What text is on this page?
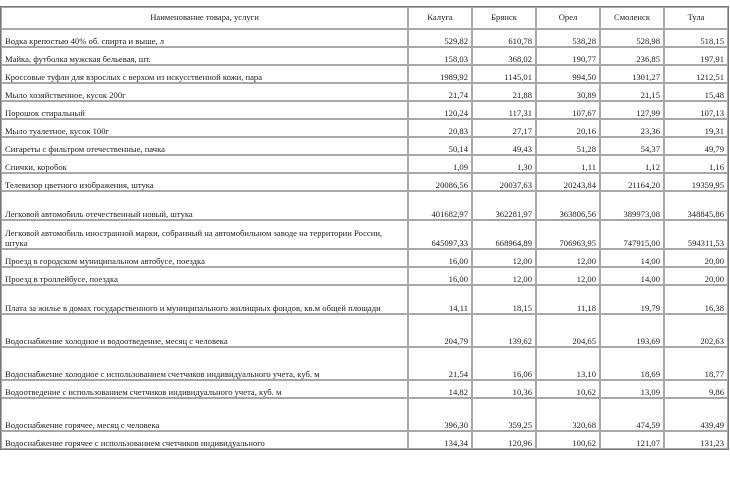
Наименование товара, услуги	Калуга	Брянск	Орел	Смоленск	Тула
Водка крепостью 40% об. спирта и выше, л	529,82	610,78	538,28	528,98	518,15
Майка, футболка мужская бельевая, шт.	158,03	368,02	190,77	236,85	197,91
Кроссовые туфли для взрослых с верхом из искусственной кожи, пара	1989,92	1145,01	994,50	1301,27	1212,51
Мыло хозяйственное, кусок 200г	21,74	21,88	30,89	21,15	15,48
Порошок стиральный	120,24	117,31	107,67	127,99	107,13
Мыло туалетное, кусок 100г	20,83	27,17	20,16	23,36	19,31
Сигареты с фильтром отечественные, пачка	50,14	49,43	51,28	54,37	49,79
Спички, коробок	1,09	1,30	1,11	1,12	1,16
Телевизор цветного изображения, штука	20086,56	20037,63	20243,84	21164,20	19359,95
Легковой автомобиль отечественный новый, штука	401682,97	362281,97	363806,56	389973,08	348845,86
Легковой автомобиль иностранной марки, собранный на автомобильном заводе на территории России, штука	645097,33	668964,89	706963,95	747915,00	594311,53
Проезд в городском муниципальном автобусе, поездка	16,00	12,00	12,00	14,00	20,00
Проезд в троллейбусе, поездка	16,00	12,00	12,00	14,00	20,00
Плата за жилье в домах государственного и муниципального жилищных фондов, кв.м общей площади	14,11	18,15	11,18	19,79	16,38
Водоснабжение холодное и водоотведение, месяц с человека	204,79	139,62	204,65	193,69	202,63
Водоснабжение холодное с использованием счетчиков индивидуального учета, куб. м	21,54	16,06	13,10	18,69	18,77
Водоотведение с использованием счетчиков индивидуального учета, куб. м	14,82	10,36	10,62	13,09	9,86
Водоснабжение горячее, месяц с человека	396,30	359,25	320,68	474,59	439,49
Водоснабжение горячее с использованием счетчиков индивидуального	134,34	120,96	100,62	121,07	131,23
